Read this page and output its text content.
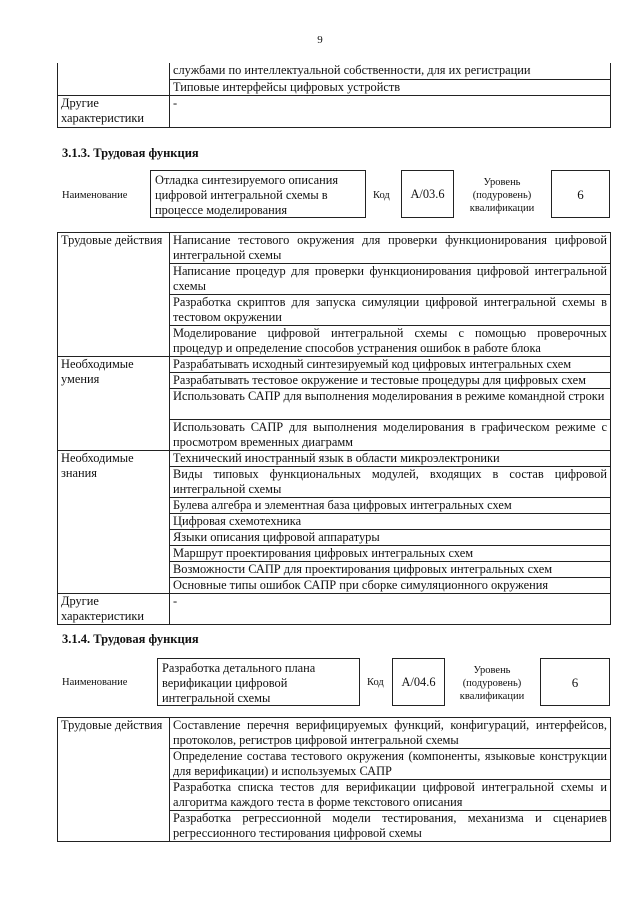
9
	службами по интеллектуальной собственности, для их регистрации
	Типовые интерфейсы цифровых устройств
Другие характеристики	-
3.1.3. Трудовая функция
Наименование
Отладка синтезируемого описания цифровой интегральной схемы в процессе моделирования
Код	А/03.6
Уровень (подуровень) квалификации
6
Трудовые действия	Написание тестового окружения для проверки функционирования цифровой интегральной схемы
	Написание процедур для проверки функционирования цифровой интегральной схемы
	Разработка скриптов для запуска симуляции цифровой интегральной схемы в тестовом окружении
	Моделирование цифровой интегральной схемы с помощью проверочных процедур и определение способов устранения ошибок в работе блока
Необходимые умения	Разрабатывать исходный синтезируемый код цифровых интегральных схем
	Разрабатывать тестовое окружение и тестовые процедуры для цифровых схем
	Использовать САПР для выполнения моделирования в режиме командной строки
	Использовать САПР для выполнения моделирования в графическом режиме с просмотром временных диаграмм
Необходимые знания	Технический иностранный язык в области микроэлектроники
	Виды типовых функциональных модулей, входящих в состав цифровой интегральной схемы
	Булева алгебра и элементная база цифровых интегральных схем
	Цифровая схемотехника
	Языки описания цифровой аппаратуры
	Маршрут проектирования цифровых интегральных схем
	Возможности САПР для проектирования цифровых интегральных схем
	Основные типы ошибок САПР при сборке симуляционного окружения
Другие характеристики	-
3.1.4. Трудовая функция
Наименование
Разработка детального плана верификации цифровой интегральной схемы
Код	А/04.6
Уровень (подуровень) квалификации
6
Трудовые действия	Составление перечня верифицируемых функций, конфигураций, интерфейсов, протоколов, регистров цифровой интегральной схемы
Определение состава тестового окружения (компоненты, языковые конструкции для верификации) и используемых САПР
Разработка списка тестов для верификации цифровой интегральной схемы и алгоритма каждого теста в форме текстового описания
Разработка регрессионной модели тестирования, механизма и сценариев регрессионного тестирования цифровой схемы
